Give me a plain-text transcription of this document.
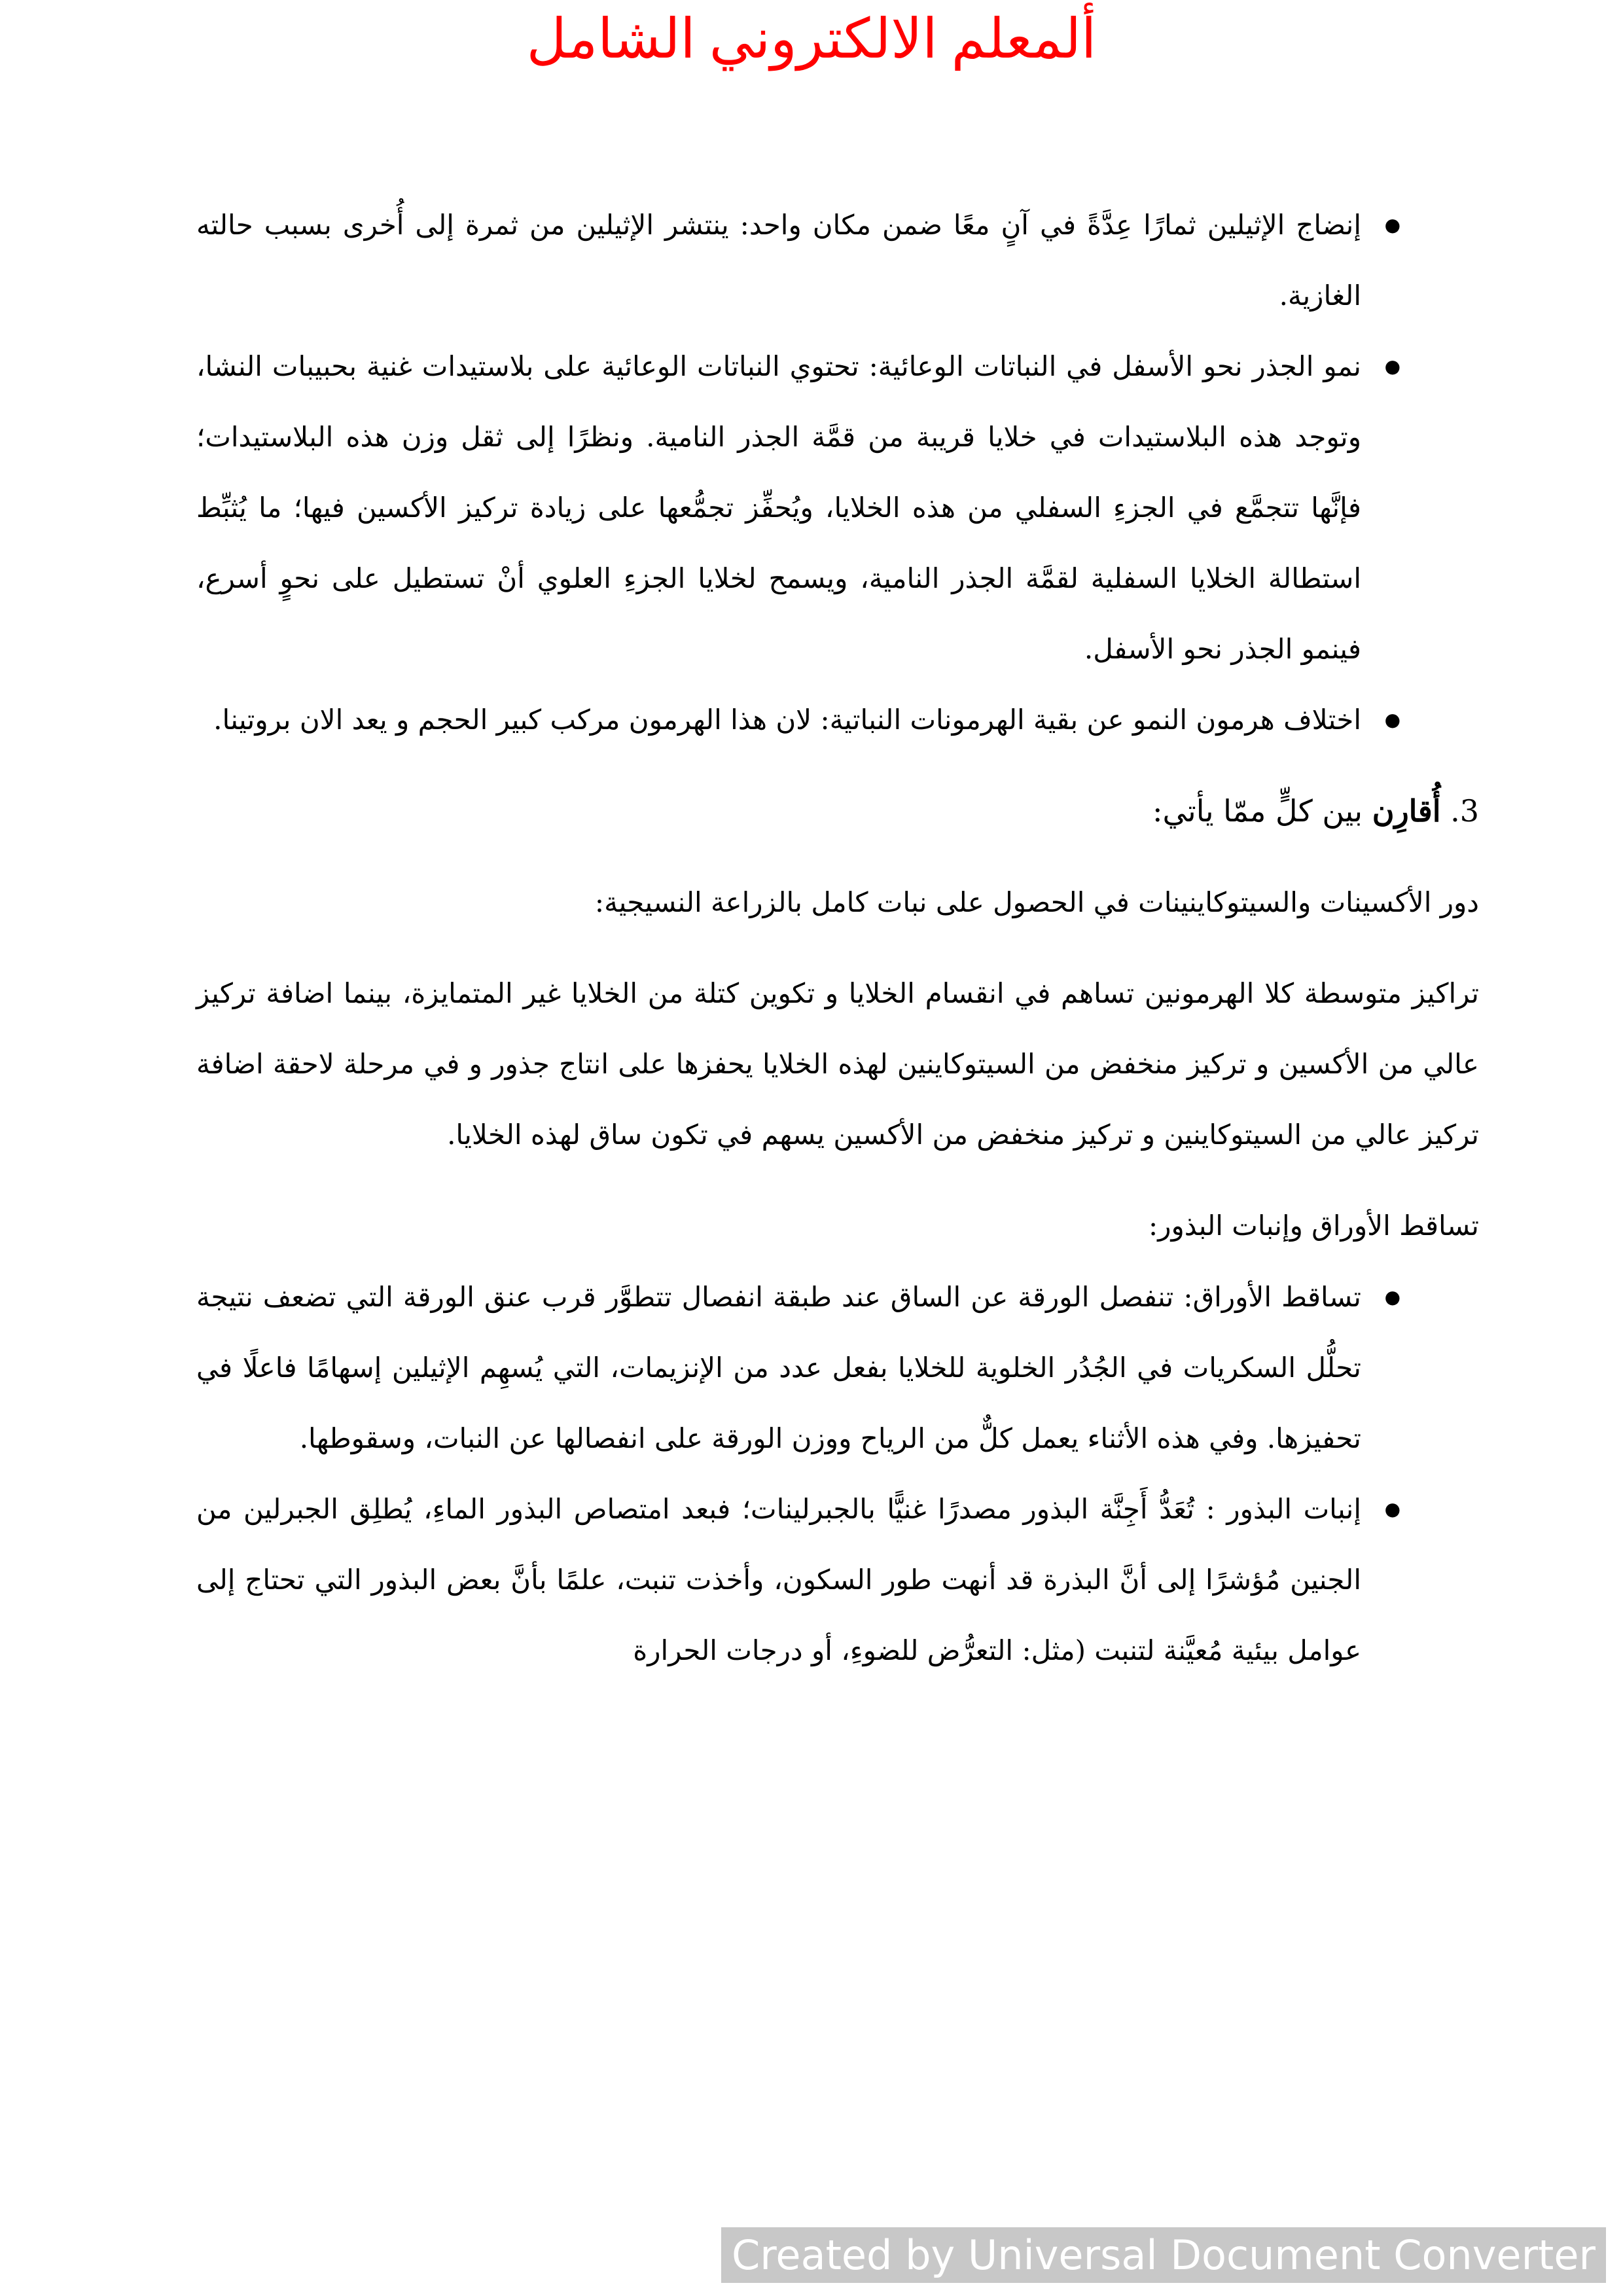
ألمعلم الالكتروني الشامل
● إنضاج الإثيلين ثمارًا عِدَّةً في آنٍ معًا ضمن مكان واحد: ينتشر الإثيلين من ثمرة إلى أُخرى بسبب حالته الغازية.
● نمو الجذر نحو الأسفل في النباتات الوعائية: تحتوي النباتات الوعائية على بلاستيدات غنية بحبيبات النشا، وتوجد هذه البلاستيدات في خلايا قريبة من قمَّة الجذر النامية. ونظرًا إلى ثقل وزن هذه البلاستيدات؛ فإنَّها تتجمَّع في الجزءِ السفلي من هذه الخلايا، ويُحفِّز تجمُّعها على زيادة تركيز الأكسين فيها؛ ما يُثبِّط استطالة الخلايا السفلية لقمَّة الجذر النامية، ويسمح لخلايا الجزءِ العلوي أنْ تستطيل على نحوٍ أسرع، فينمو الجذر نحو الأسفل.
● اختلاف هرمون النمو عن بقية الهرمونات النباتية: لان هذا الهرمون مركب كبير الحجم و يعد الان بروتينا.

3. أُقارِن بين كلٍّ ممّا يأتي:

دور الأكسينات والسيتوكاينينات في الحصول على نبات كامل بالزراعة النسيجية:

تراكيز متوسطة كلا الهرمونين تساهم في انقسام الخلايا و تكوين كتلة من الخلايا غير المتمايزة، بينما اضافة تركيز عالي من الأكسين و تركيز منخفض من السيتوكاينين لهذه الخلايا يحفزها على انتاج جذور و في مرحلة لاحقة اضافة تركيز عالي من السيتوكاينين و تركيز منخفض من الأكسين يسهم في تكون ساق لهذه الخلايا.

تساقط الأوراق وإنبات البذور:

● تساقط الأوراق: تنفصل الورقة عن الساق عند طبقة انفصال تتطوَّر قرب عنق الورقة التي تضعف نتيجة تحلُّل السكريات في الجُدُر الخلوية للخلايا بفعل عدد من الإنزيمات، التي يُسهِم الإثيلين إسهامًا فاعلًا في تحفيزها. وفي هذه الأثناء يعمل كلٌّ من الرياح ووزن الورقة على انفصالها عن النبات، وسقوطها.
● إنبات البذور : تُعَدُّ أَجِنَّة البذور مصدرًا غنيًّا بالجبرلينات؛ فبعد امتصاص البذور الماءِ، يُطلِق الجبرلين من الجنين مُؤشرًا إلى أنَّ البذرة قد أنهت طور السكون، وأخذت تنبت، علمًا بأنَّ بعض البذور التي تحتاج إلى عوامل بيئية مُعيَّنة لتنبت (مثل: التعرُّض للضوءِ، أو درجات الحرارة
Created by Universal Document Converter
